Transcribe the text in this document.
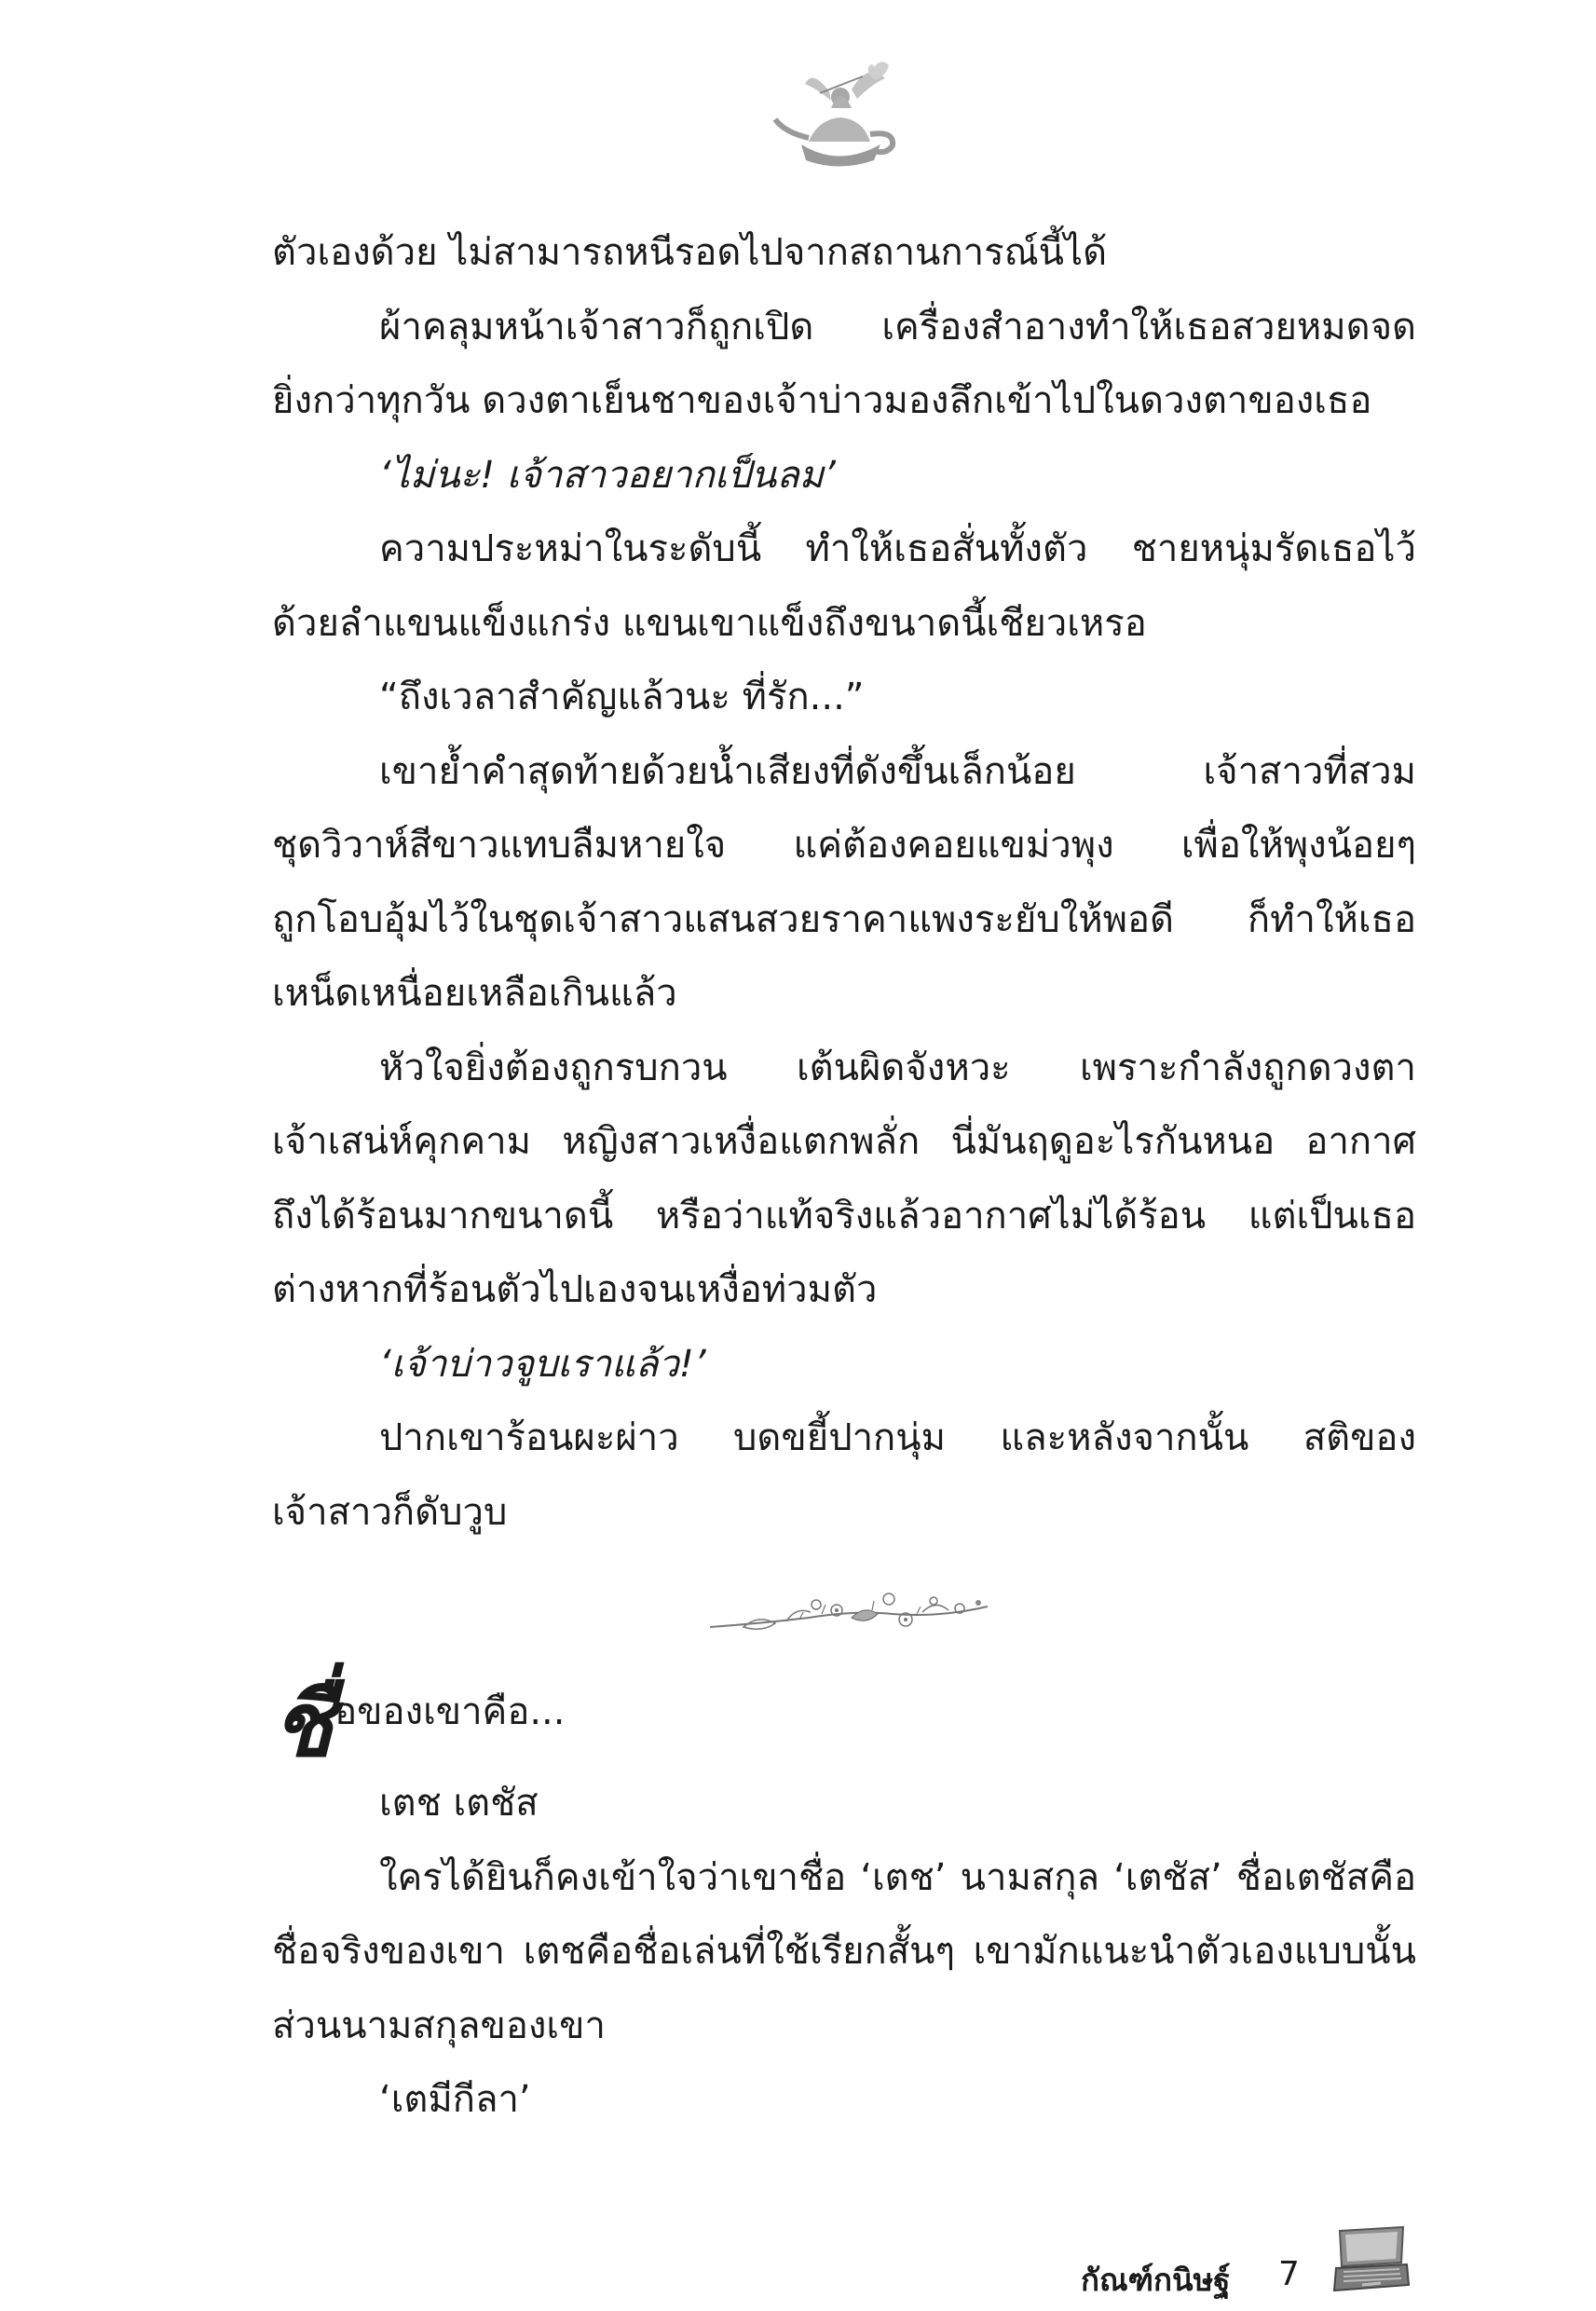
ตัวเองด้วย ไม่สามารถหนีรอดไปจากสถานการณ์นี้ได้
ผ้าคลุมหน้าเจ้าสาวก็ถูกเปิด เครื่องสำอางทำให้เธอสวยหมดจด
ยิ่งกว่าทุกวัน ดวงตาเย็นชาของเจ้าบ่าวมองลึกเข้าไปในดวงตาของเธอ
‘ไม่นะ! เจ้าสาวอยากเป็นลม’
ความประหม่าในระดับนี้ ทำให้เธอสั่นทั้งตัว ชายหนุ่มรัดเธอไว้
ด้วยลำแขนแข็งแกร่ง แขนเขาแข็งถึงขนาดนี้เชียวเหรอ
“ถึงเวลาสำคัญแล้วนะ ที่รัก...”
เขาย้ำคำสุดท้ายด้วยน้ำเสียงที่ดังขึ้นเล็กน้อย เจ้าสาวที่สวม
ชุดวิวาห์สีขาวแทบลืมหายใจ แค่ต้องคอยแขม่วพุง เพื่อให้พุงน้อยๆ
ถูกโอบอุ้มไว้ในชุดเจ้าสาวแสนสวยราคาแพงระยับให้พอดี ก็ทำให้เธอ
เหน็ดเหนื่อยเหลือเกินแล้ว
หัวใจยิ่งต้องถูกรบกวน เต้นผิดจังหวะ เพราะกำลังถูกดวงตา
เจ้าเสน่ห์คุกคาม หญิงสาวเหงื่อแตกพลั่ก นี่มันฤดูอะไรกันหนอ อากาศ
ถึงได้ร้อนมากขนาดนี้ หรือว่าแท้จริงแล้วอากาศไม่ได้ร้อน แต่เป็นเธอ
ต่างหากที่ร้อนตัวไปเองจนเหงื่อท่วมตัว
‘เจ้าบ่าวจูบเราแล้ว!’
ปากเขาร้อนผะผ่าว บดขยี้ปากนุ่ม และหลังจากนั้น สติของ
เจ้าสาวก็ดับวูบ
ชื่อของเขาคือ...
เตช เตชัส
ใครได้ยินก็คงเข้าใจว่าเขาชื่อ ‘เตช’ นามสกุล ‘เตชัส’ ชื่อเตชัสคือ
ชื่อจริงของเขา เตชคือชื่อเล่นที่ใช้เรียกสั้นๆ เขามักแนะนำตัวเองแบบนั้น
ส่วนนามสกุลของเขา
‘เตมีกีลา’
กัณฑ์กนิษฐ์ 7
